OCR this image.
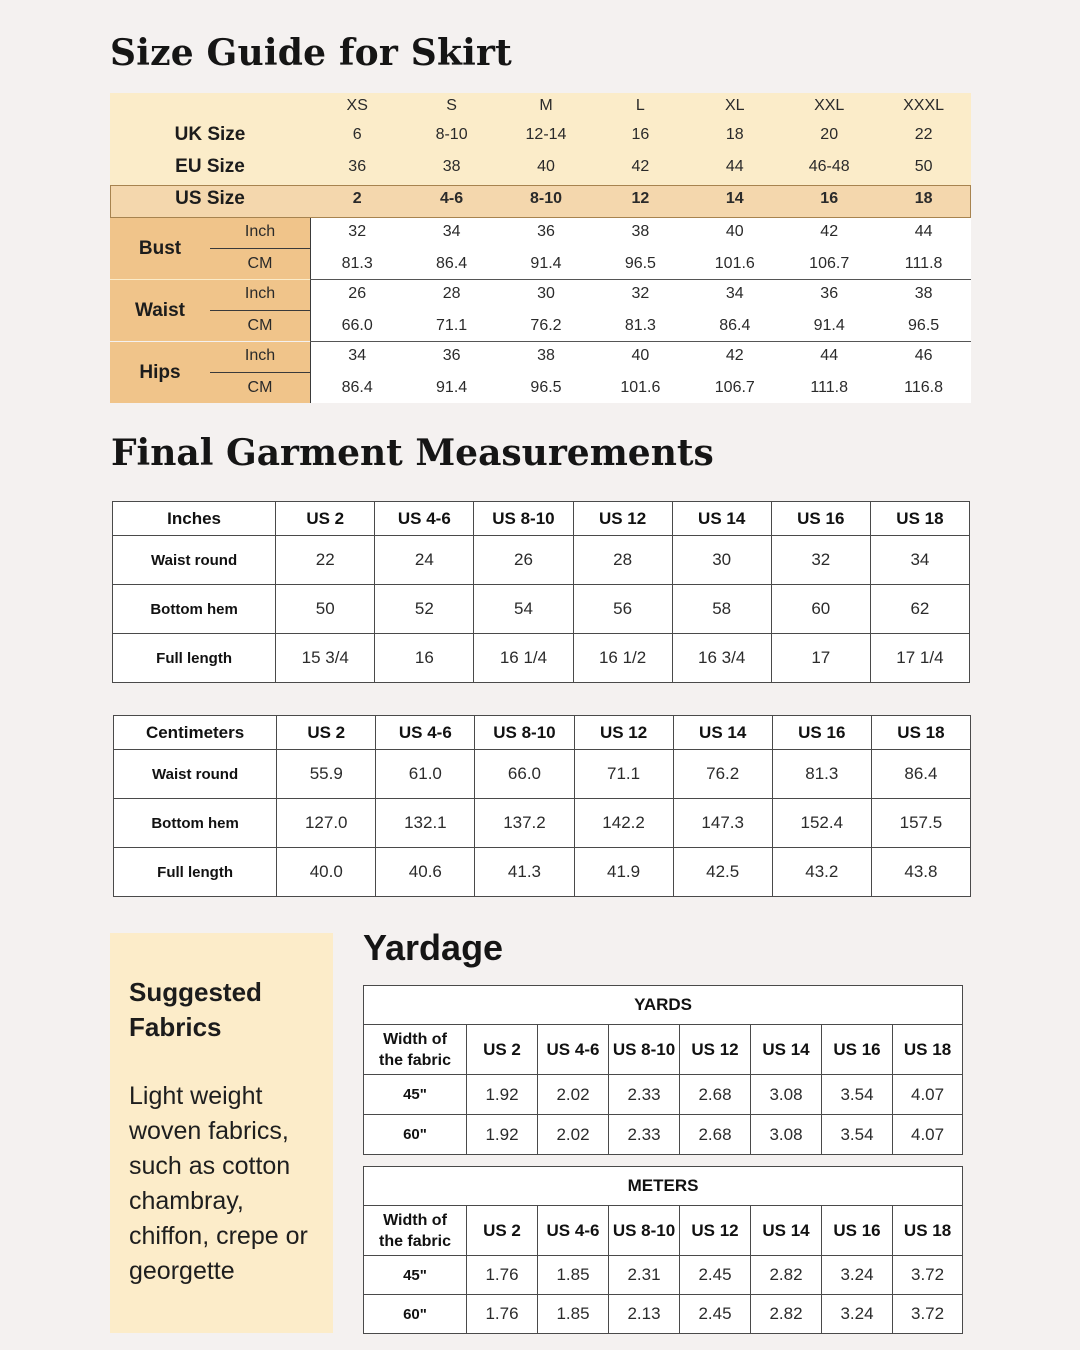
Size Guide for Skirt
XS	S	M	L	XL	XXL	XXXL
UK Size	6	8-10	12-14	16	18	20	22
EU Size	36	38	40	42	44	46-48	50
US Size	2	4-6	8-10	12	14	16	18
Bust
Inch	32	34	36	38	40	42	44
CM	81.3	86.4	91.4	96.5	101.6	106.7	111.8
Waist
Inch	26	28	30	32	34	36	38
CM	66.0	71.1	76.2	81.3	86.4	91.4	96.5
Hips
Inch	34	36	38	40	42	44	46
CM	86.4	91.4	96.5	101.6	106.7	111.8	116.8
Final Garment Measurements
Inches	US 2	US 4-6	US 8-10	US 12	US 14	US 16	US 18
Waist round	22	24	26	28	30	32	34
Bottom hem	50	52	54	56	58	60	62
Full length	15 3/4	16	16 1/4	16 1/2	16 3/4	17	17 1/4
Centimeters	US 2	US 4-6	US 8-10	US 12	US 14	US 16	US 18
Waist round	55.9	61.0	66.0	71.1	76.2	81.3	86.4
Bottom hem	127.0	132.1	137.2	142.2	147.3	152.4	157.5
Full length	40.0	40.6	41.3	41.9	42.5	43.2	43.8
Suggested Fabrics
Light weight woven fabrics, such as cotton chambray, chiffon, crepe or georgette
Yardage
YARDS							
Width of the fabric	US 2	US 4-6	US 8-10	US 12	US 14	US 16	US 18
45"	1.92	2.02	2.33	2.68	3.08	3.54	4.07
60"	1.92	2.02	2.33	2.68	3.08	3.54	4.07
METERS							
Width of the fabric	US 2	US 4-6	US 8-10	US 12	US 14	US 16	US 18
45"	1.76	1.85	2.31	2.45	2.82	3.24	3.72
60"	1.76	1.85	2.13	2.45	2.82	3.24	3.72
